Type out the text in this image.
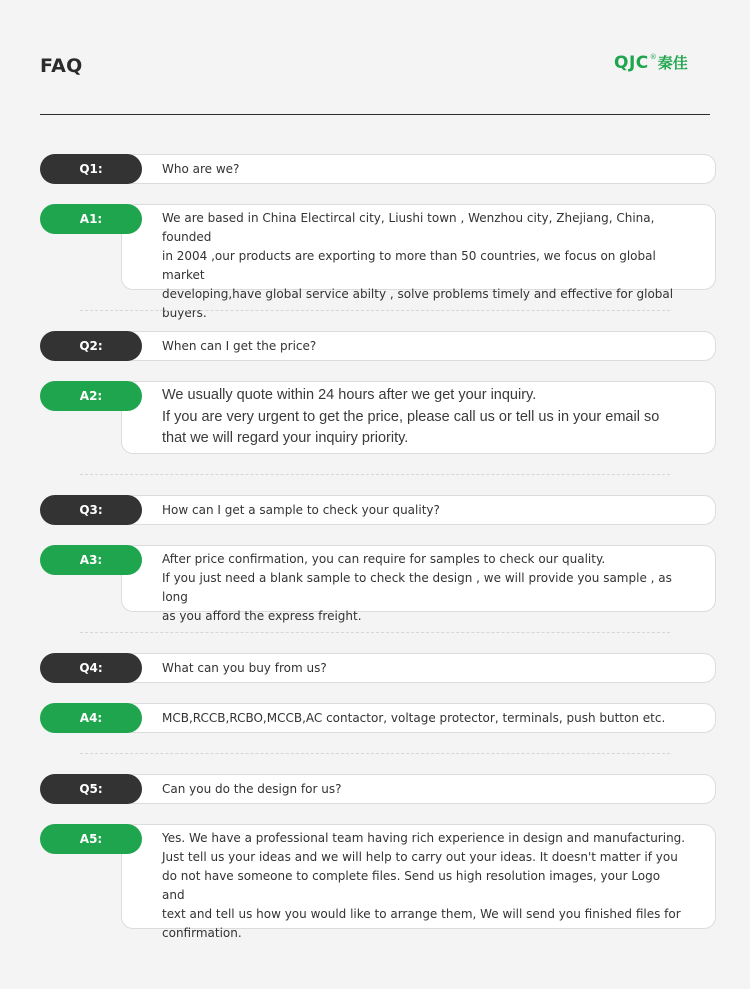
FAQ	QJC ® 秦佳
Q1:	Who are we?
A1:	We are based in China Electircal city, Liushi town , Wenzhou city, Zhejiang, China, founded
in 2004 ,our products are exporting to more than 50 countries, we focus on global market
developing,have global service abilty , solve problems timely and effective for global
buyers.
Q2:	When can I get the price?
A2:	We usually quote within 24 hours after we get your inquiry.
If you are very urgent to get the price, please call us or tell us in your email so
that we will regard your inquiry priority.
Q3:	How can I get a sample to check your quality?
A3:	After price confirmation, you can require for samples to check our quality.
If you just need a blank sample to check the design , we will provide you sample , as long
as you afford the express freight.
Q4:	What can you buy from us?
A4:	MCB,RCCB,RCBO,MCCB,AC contactor, voltage protector, terminals, push button etc.
Q5:	Can you do the design for us?
A5:	Yes. We have a professional team having rich experience in design and manufacturing.
Just tell us your ideas and we will help to carry out your ideas. It doesn't matter if you
do not have someone to complete files. Send us high resolution images, your Logo and
text and tell us how you would like to arrange them, We will send you finished files for
confirmation.
